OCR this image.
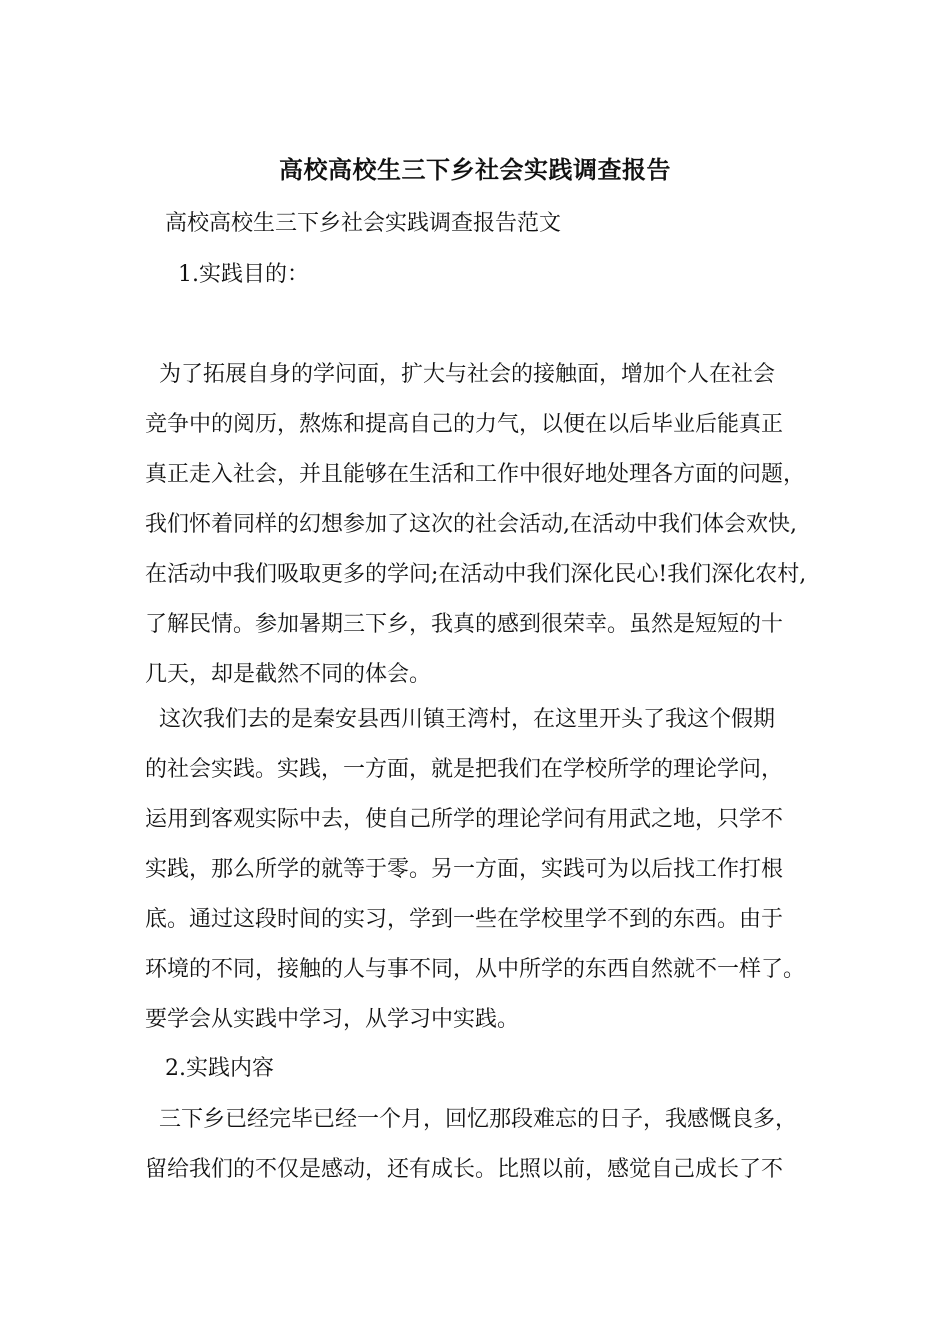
高校高校生三下乡社会实践调查报告
高校高校生三下乡社会实践调查报告范文
1.实践目的：
为了拓展自身的学问面，扩大与社会的接触面，增加个人在社会
竞争中的阅历，熬炼和提高自己的力气，以便在以后毕业后能真正
真正走入社会，并且能够在生活和工作中很好地处理各方面的问题，
我们怀着同样的幻想参加了这次的社会活动,在活动中我们体会欢快,
在活动中我们吸取更多的学问;在活动中我们深化民心!我们深化农村,
了解民情。参加暑期三下乡，我真的感到很荣幸。虽然是短短的十
几天，却是截然不同的体会。
这次我们去的是秦安县西川镇王湾村，在这里开头了我这个假期
的社会实践。实践，一方面，就是把我们在学校所学的理论学问，
运用到客观实际中去，使自己所学的理论学问有用武之地，只学不
实践，那么所学的就等于零。另一方面，实践可为以后找工作打根
底。通过这段时间的实习，学到一些在学校里学不到的东西。由于
环境的不同，接触的人与事不同，从中所学的东西自然就不一样了。
要学会从实践中学习，从学习中实践。
2.实践内容
三下乡已经完毕已经一个月，回忆那段难忘的日子，我感慨良多，
留给我们的不仅是感动，还有成长。比照以前，感觉自己成长了不
